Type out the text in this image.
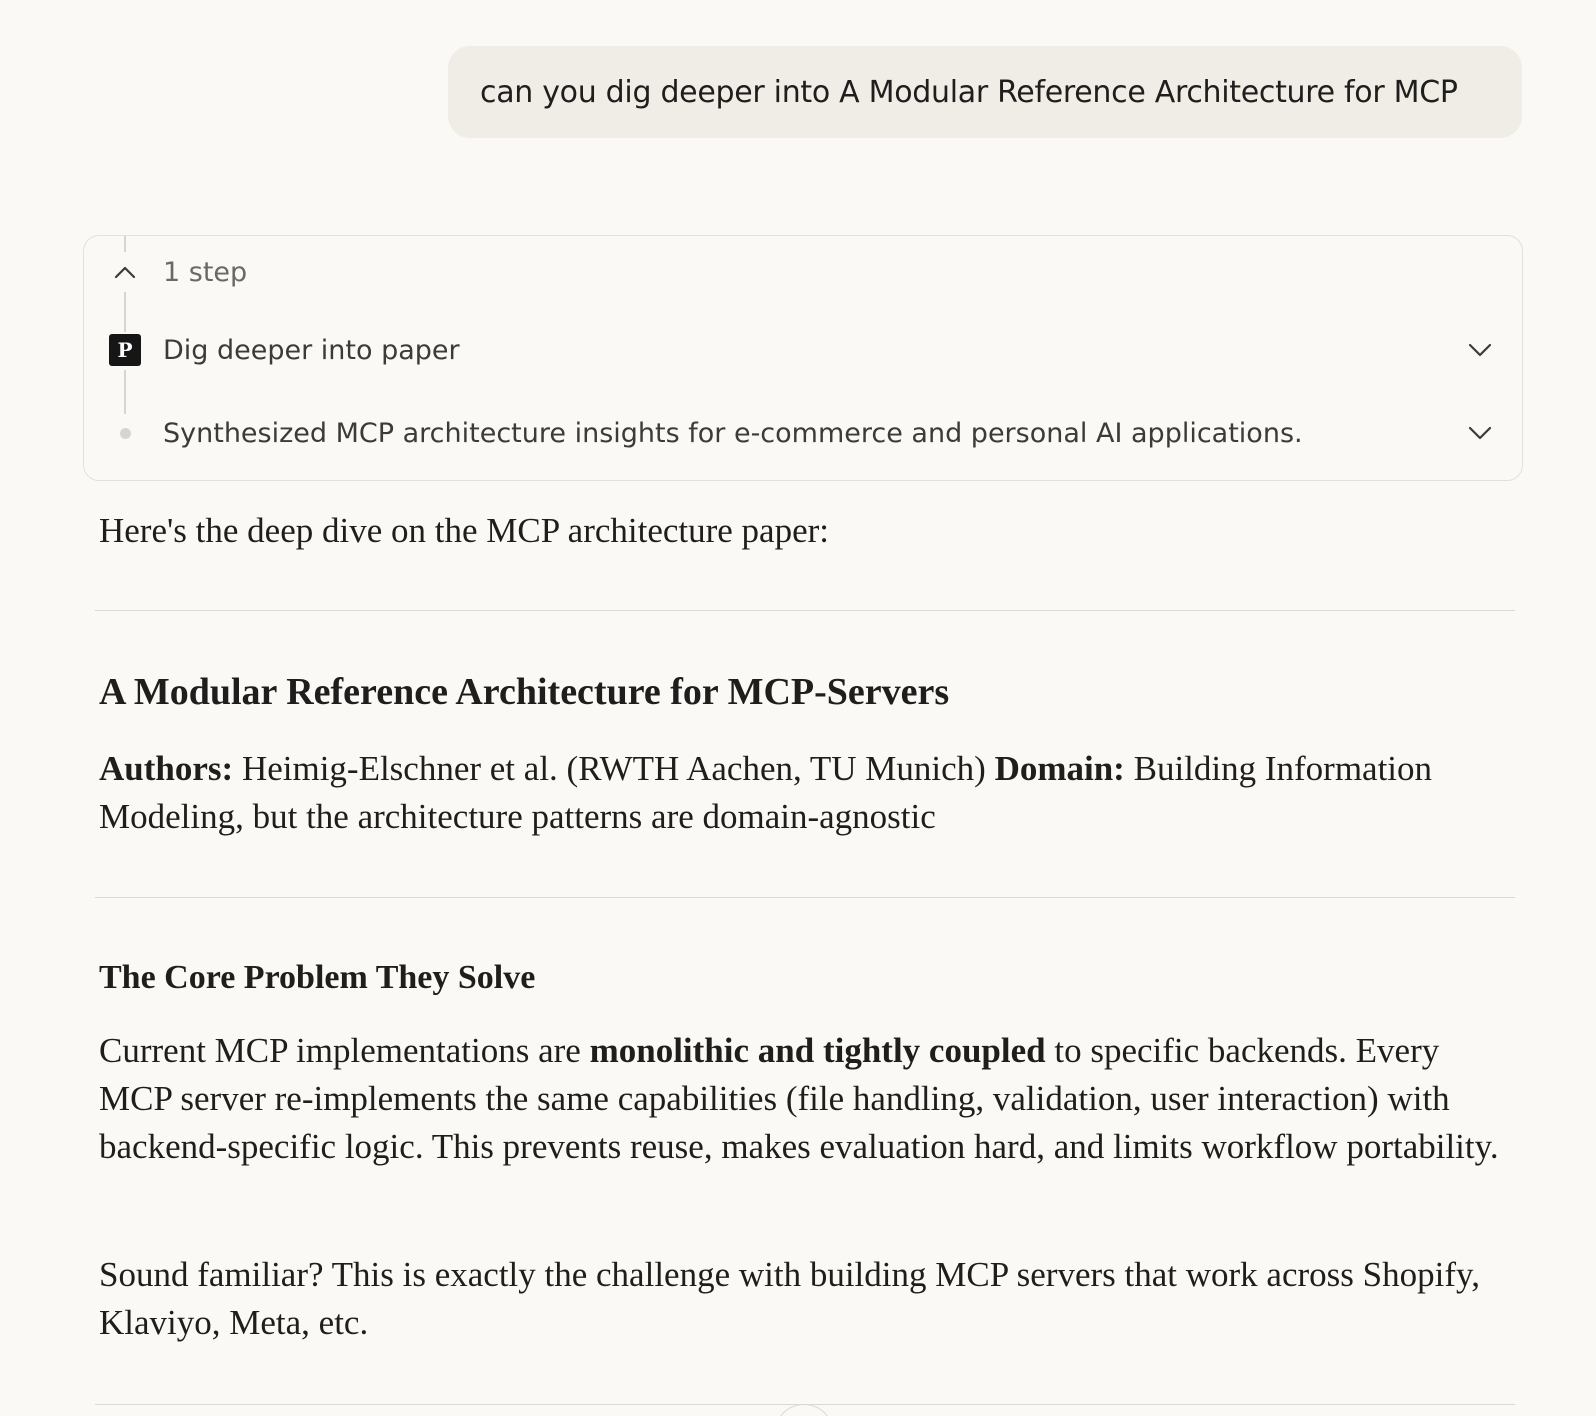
can you dig deeper into A Modular Reference Architecture for MCP
1 step
P	Dig deeper into paper
Synthesized MCP architecture insights for e-commerce and personal AI applications.

Here's the deep dive on the MCP architecture paper:

A Modular Reference Architecture for MCP-Servers

Authors: Heimig-Elschner et al. (RWTH Aachen, TU Munich) Domain: Building Information Modeling, but the architecture patterns are domain-agnostic

The Core Problem They Solve

Current MCP implementations are monolithic and tightly coupled to specific backends. Every MCP server re-implements the same capabilities (file handling, validation, user interaction) with backend-specific logic. This prevents reuse, makes evaluation hard, and limits workflow portability.

Sound familiar? This is exactly the challenge with building MCP servers that work across Shopify, Klaviyo, Meta, etc.
